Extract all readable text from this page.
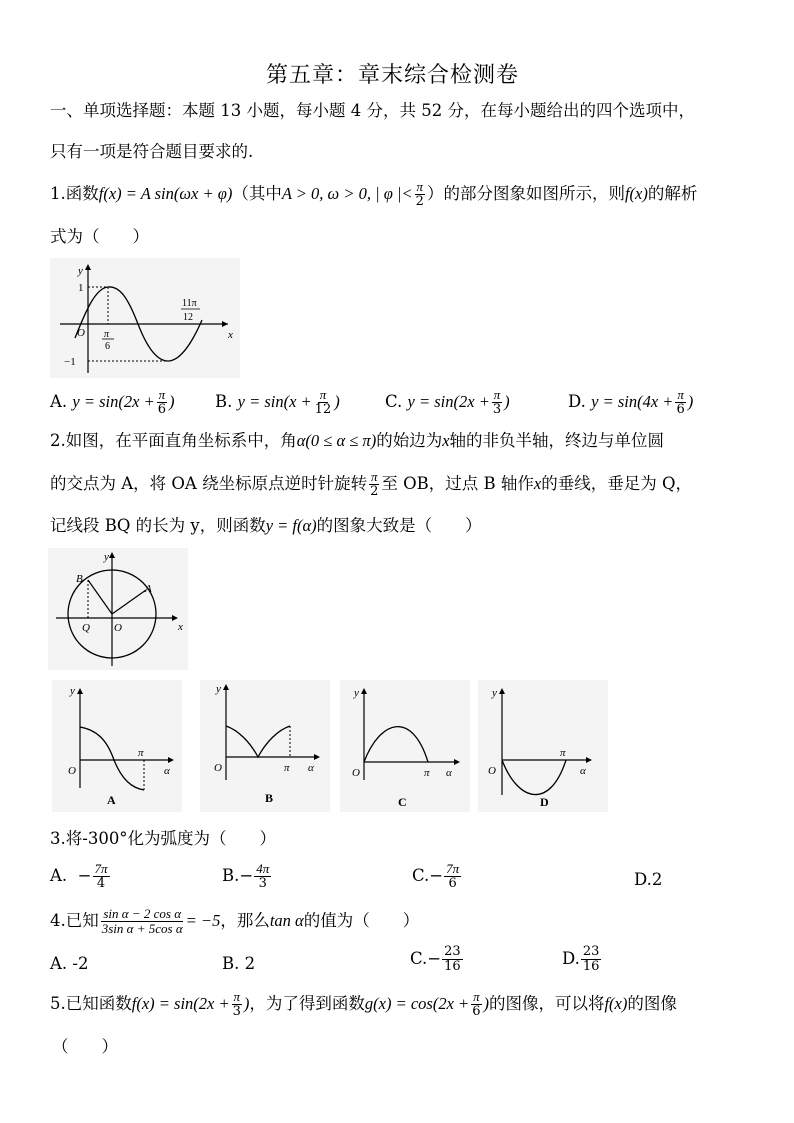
第五章：章末综合检测卷
一、单项选择题：本题 13 小题，每小题 4 分，共 52 分，在每小题给出的四个选项中，
只有一项是符合题目要求的.
1.函数f(x) = A sin(ωx + φ)（其中A > 0, ω > 0, | φ |< $\frac{\pi}{2}$ ）的部分图象如图所示，则f(x)的解析
式为（　　）
y
x
O
1
−1
π
6
11π
12
A. $y = \sin(2x + \frac{\pi}{6}$ ) B. $y = \sin(x + \frac{\pi}{12}$ )	C. $y = \sin(2x + \frac{\pi}{3}$ )	D. $y = \sin(4x + \frac{\pi}{6}$ )
2.如图，在平面直角坐标系中，角α(0 ≤ α ≤ π)的始边为x轴的非负半轴，终边与单位圆
的交点为 A，将 OA 绕坐标原点逆时针旋转 $\frac{\pi}{2}$ 至 OB，过点 B 轴作x的垂线，垂足为 Q，
记线段 BQ 的长为 y，则函数y = f(α)的图象大致是（　　）
y
x
B
A
Q O
y
O
π
α
A
y
O	π α
B
y
O	π α
C
y
O
π
α
D
3.将-300°化为弧度为（　　）
A. − $\frac{7\pi}{4}$	$B.- \frac{4\pi}{3}$	$C.- \frac{7\pi}{6}$	D.2
4.已知 $\frac{\text{sin α − 2 cos α}}{\text{3sin α + 5cos α}} = -5$，那么tan α的值为（　　）
A. -2	B. 2	$C.- \frac{23}{16}$	D. $\frac{23}{16}$
5.已知函数$f(x) = \sin(2x + \frac{\pi}{3}$ )，为了得到函数$g(x) = \cos(2x + \frac{\pi}{6}$ )的图像，可以将f(x)的图像
（　　）
